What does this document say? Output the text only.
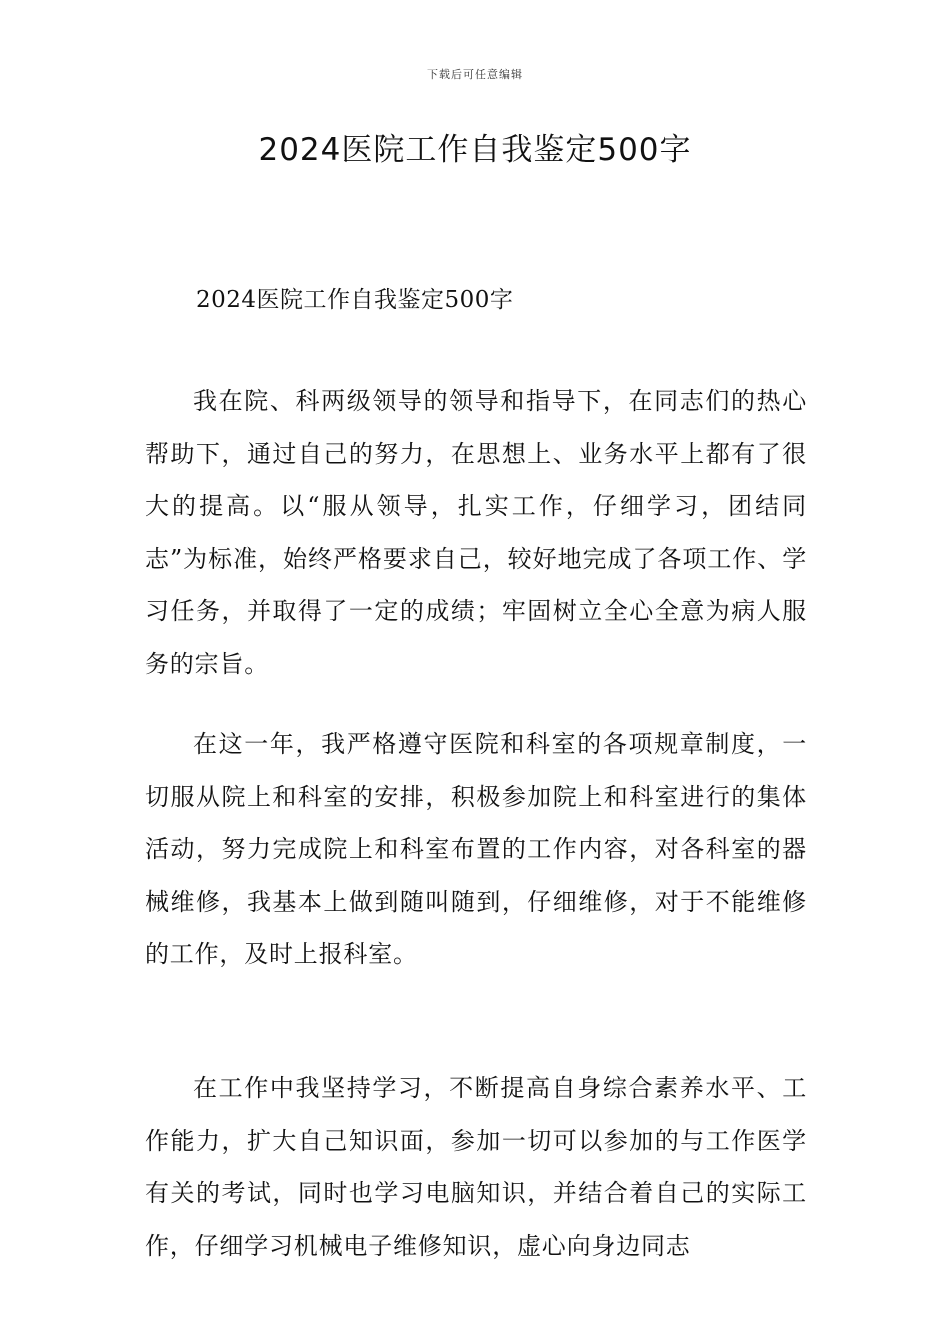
下载后可任意编辑
2024医院工作自我鉴定500字
2024医院工作自我鉴定500字

我在院、科两级领导的领导和指导下，在同志们的热心帮助下，通过自己的努力，在思想上、业务水平上都有了很大的提高。以“服从领导，扎实工作，仔细学习，团结同志”为标准，始终严格要求自己，较好地完成了各项工作、学习任务，并取得了一定的成绩；牢固树立全心全意为病人服务的宗旨。

在这一年，我严格遵守医院和科室的各项规章制度，一切服从院上和科室的安排，积极参加院上和科室进行的集体活动，努力完成院上和科室布置的工作内容，对各科室的器械维修，我基本上做到随叫随到，仔细维修，对于不能维修的工作，及时上报科室。

在工作中我坚持学习，不断提高自身综合素养水平、工作能力，扩大自己知识面，参加一切可以参加的与工作医学有关的考试，同时也学习电脑知识，并结合着自己的实际工作，仔细学习机械电子维修知识，虚心向身边同志
